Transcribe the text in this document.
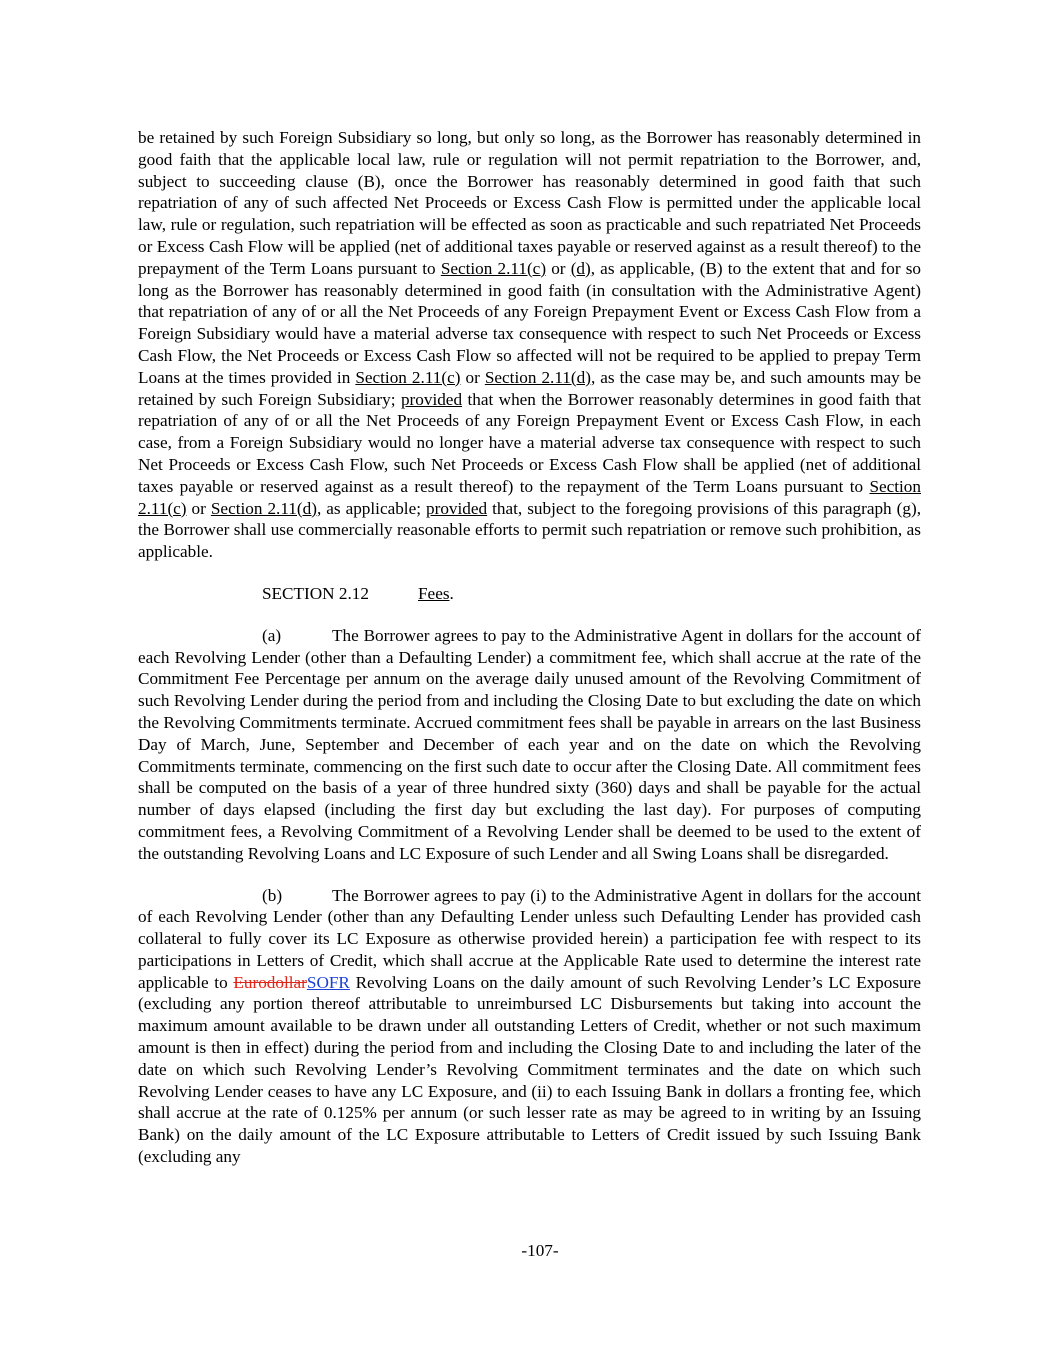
be retained by such Foreign Subsidiary so long, but only so long, as the Borrower has reasonably determined in good faith that the applicable local law, rule or regulation will not permit repatriation to the Borrower, and, subject to succeeding clause (B), once the Borrower has reasonably determined in good faith that such repatriation of any of such affected Net Proceeds or Excess Cash Flow is permitted under the applicable local law, rule or regulation, such repatriation will be effected as soon as practicable and such repatriated Net Proceeds or Excess Cash Flow will be applied (net of additional taxes payable or reserved against as a result thereof) to the prepayment of the Term Loans pursuant to Section 2.11(c) or (d), as applicable, (B) to the extent that and for so long as the Borrower has reasonably determined in good faith (in consultation with the Administrative Agent) that repatriation of any of or all the Net Proceeds of any Foreign Prepayment Event or Excess Cash Flow from a Foreign Subsidiary would have a material adverse tax consequence with respect to such Net Proceeds or Excess Cash Flow, the Net Proceeds or Excess Cash Flow so affected will not be required to be applied to prepay Term Loans at the times provided in Section 2.11(c) or Section 2.11(d), as the case may be, and such amounts may be retained by such Foreign Subsidiary; provided that when the Borrower reasonably determines in good faith that repatriation of any of or all the Net Proceeds of any Foreign Prepayment Event or Excess Cash Flow, in each case, from a Foreign Subsidiary would no longer have a material adverse tax consequence with respect to such Net Proceeds or Excess Cash Flow, such Net Proceeds or Excess Cash Flow shall be applied (net of additional taxes payable or reserved against as a result thereof) to the repayment of the Term Loans pursuant to Section 2.11(c) or Section 2.11(d), as applicable; provided that, subject to the foregoing provisions of this paragraph (g), the Borrower shall use commercially reasonable efforts to permit such repatriation or remove such prohibition, as applicable.

SECTION 2.12	Fees.

(a)	The Borrower agrees to pay to the Administrative Agent in dollars for the account of each Revolving Lender (other than a Defaulting Lender) a commitment fee, which shall accrue at the rate of the Commitment Fee Percentage per annum on the average daily unused amount of the Revolving Commitment of such Revolving Lender during the period from and including the Closing Date to but excluding the date on which the Revolving Commitments terminate. Accrued commitment fees shall be payable in arrears on the last Business Day of March, June, September and December of each year and on the date on which the Revolving Commitments terminate, commencing on the first such date to occur after the Closing Date. All commitment fees shall be computed on the basis of a year of three hundred sixty (360) days and shall be payable for the actual number of days elapsed (including the first day but excluding the last day). For purposes of computing commitment fees, a Revolving Commitment of a Revolving Lender shall be deemed to be used to the extent of the outstanding Revolving Loans and LC Exposure of such Lender and all Swing Loans shall be disregarded.

(b)	The Borrower agrees to pay (i) to the Administrative Agent in dollars for the account of each Revolving Lender (other than any Defaulting Lender unless such Defaulting Lender has provided cash collateral to fully cover its LC Exposure as otherwise provided herein) a participation fee with respect to its participations in Letters of Credit, which shall accrue at the Applicable Rate used to determine the interest rate applicable to EurodollarSOFR Revolving Loans on the daily amount of such Revolving Lender’s LC Exposure (excluding any portion thereof attributable to unreimbursed LC Disbursements but taking into account the maximum amount available to be drawn under all outstanding Letters of Credit, whether or not such maximum amount is then in effect) during the period from and including the Closing Date to and including the later of the date on which such Revolving Lender’s Revolving Commitment terminates and the date on which such Revolving Lender ceases to have any LC Exposure, and (ii) to each Issuing Bank in dollars a fronting fee, which shall accrue at the rate of 0.125% per annum (or such lesser rate as may be agreed to in writing by an Issuing Bank) on the daily amount of the LC Exposure attributable to Letters of Credit issued by such Issuing Bank (excluding any

-107-
